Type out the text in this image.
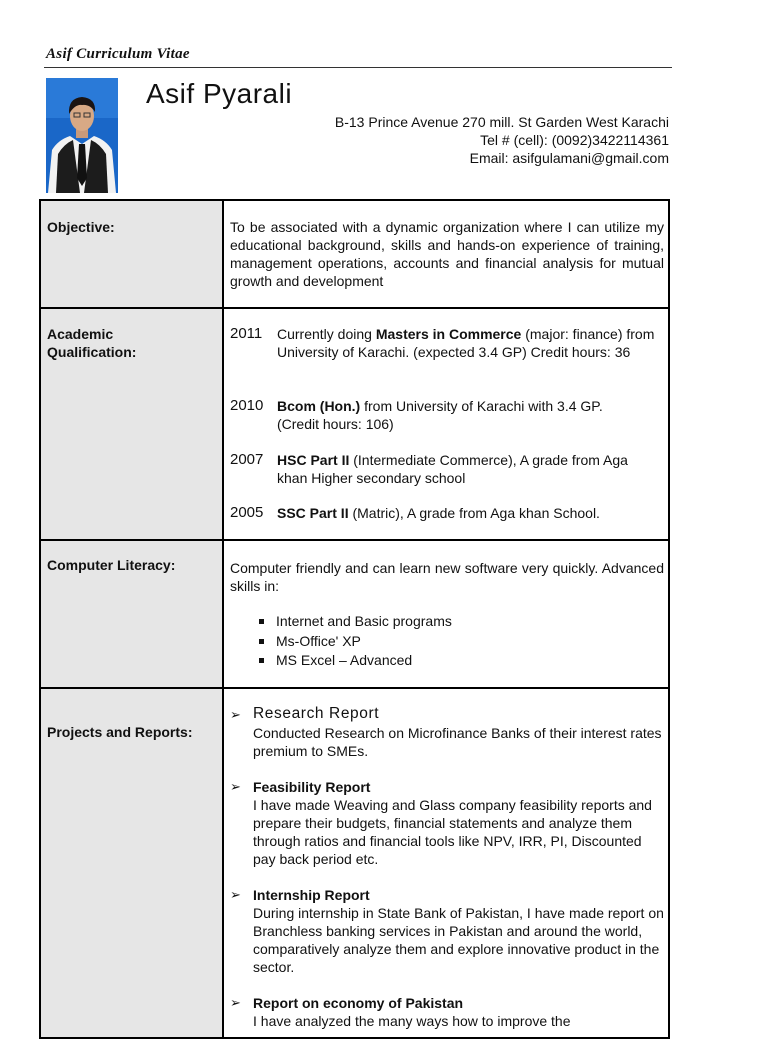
Asif Curriculum Vitae
Asif Pyarali
B-13 Prince Avenue 270 mill. St Garden West Karachi
Tel # (cell): (0092)3422114361
Email: asifgulamani@gmail.com
Objective:	To be associated with a dynamic organization where I can utilize my educational background, skills and hands-on experience of training, management operations, accounts and financial analysis for mutual growth and development
Academic Qualification:
2011 Currently doing Masters in Commerce (major: finance) from University of Karachi. (expected 3.4 GP) Credit hours: 36
2010 Bcom (Hon.) from University of Karachi with 3.4 GP. (Credit hours: 106)
2007 HSC Part II (Intermediate Commerce), A grade from Aga khan Higher secondary school
2005 SSC Part II (Matric), A grade from Aga khan School.
Computer Literacy:	Computer friendly and can learn new software very quickly. Advanced skills in:
Internet and Basic programs
Ms-Office' XP
MS Excel – Advanced
Projects and Reports:
➢ Research Report
Conducted Research on Microfinance Banks of their interest rates premium to SMEs.
➢ Feasibility Report
I have made Weaving and Glass company feasibility reports and prepare their budgets, financial statements and analyze them through ratios and financial tools like NPV, IRR, PI, Discounted pay back period etc.
➢ Internship Report
During internship in State Bank of Pakistan, I have made report on Branchless banking services in Pakistan and around the world, comparatively analyze them and explore innovative product in the sector.
➢ Report on economy of Pakistan
I have analyzed the many ways how to improve the
